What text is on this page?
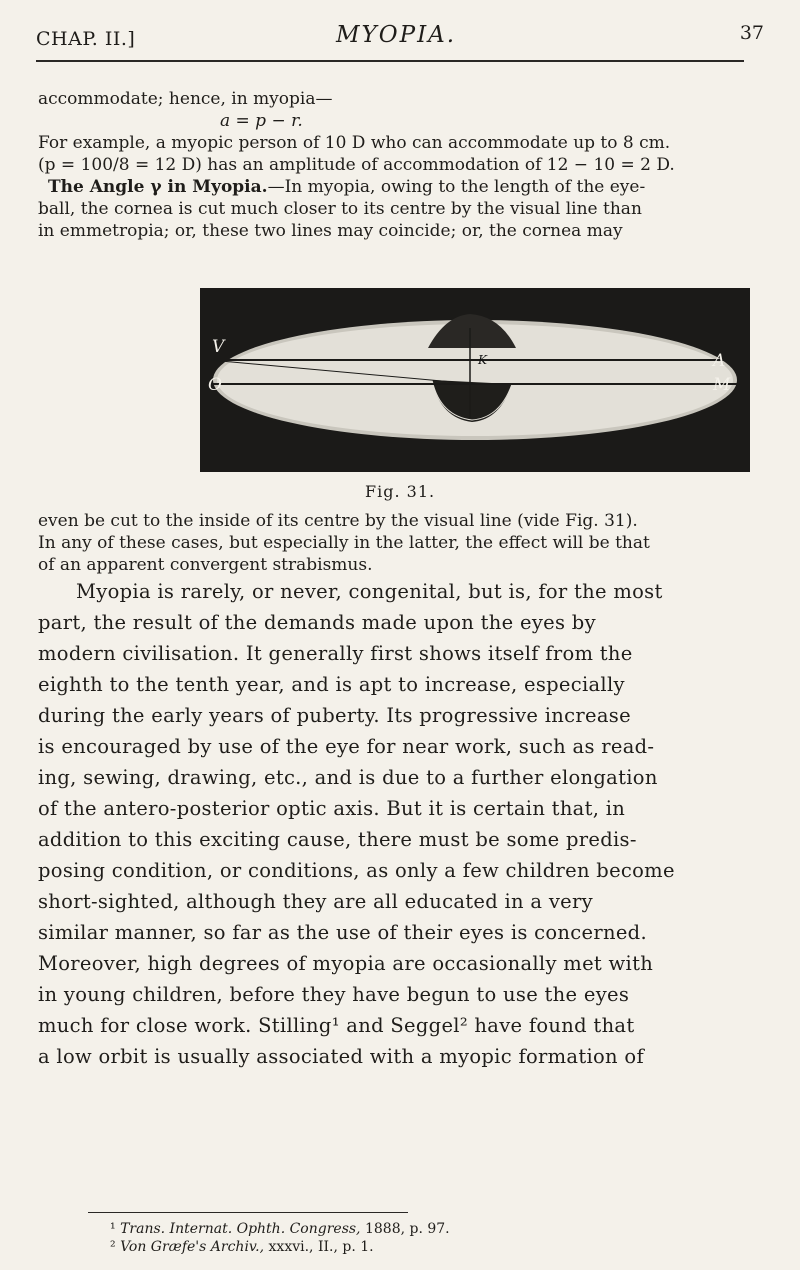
CHAP. II.]	MYOPIA.	37
accommodate; hence, in myopia—
a = p − r.
For example, a myopic person of 10 D who can accommodate up to 8 cm.
(p = 100/8 = 12 D) has an amplitude of accommodation of 12 − 10 = 2 D.
The Angle γ in Myopia.—In myopia, owing to the length of the eye-
ball, the cornea is cut much closer to its centre by the visual line than
in emmetropia; or, these two lines may coincide; or, the cornea may
K
V
O
A
M
Fig. 31.
even be cut to the inside of its centre by the visual line (vide Fig. 31).
In any of these cases, but especially in the latter, the effect will be that
of an apparent convergent strabismus.
Myopia is rarely, or never, congenital, but is, for the most
part, the result of the demands made upon the eyes by
modern civilisation. It generally first shows itself from the
eighth to the tenth year, and is apt to increase, especially
during the early years of puberty. Its progressive increase
is encouraged by use of the eye for near work, such as read-
ing, sewing, drawing, etc., and is due to a further elongation
of the antero-posterior optic axis. But it is certain that, in
addition to this exciting cause, there must be some predis-
posing condition, or conditions, as only a few children become
short-sighted, although they are all educated in a very
similar manner, so far as the use of their eyes is concerned.
Moreover, high degrees of myopia are occasionally met with
in young children, before they have begun to use the eyes
much for close work. Stilling¹ and Seggel² have found that
a low orbit is usually associated with a myopic formation of
¹ Trans. Internat. Ophth. Congress, 1888, p. 97.
² Von Græfe's Archiv., xxxvi., II., p. 1.
